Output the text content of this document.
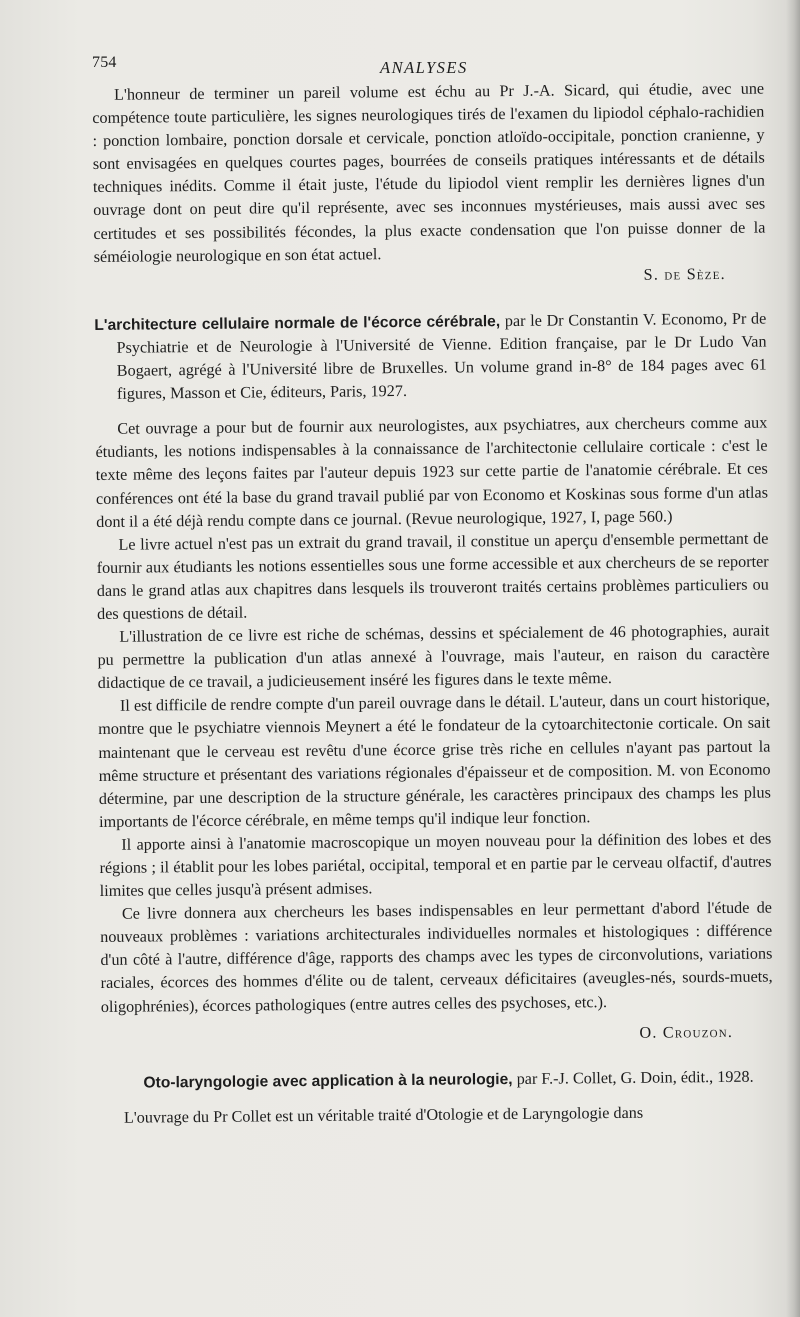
754	ANALYSES

L'honneur de terminer un pareil volume est échu au Pr J.-A. Sicard, qui étudie, avec une compétence toute particulière, les signes neurologiques tirés de l'examen du lipiodol céphalo-rachidien : ponction lombaire, ponction dorsale et cervicale, ponction atloïdo-occipitale, ponction cranienne, y sont envisagées en quelques courtes pages, bourrées de conseils pratiques intéressants et de détails techniques inédits. Comme il était juste, l'étude du lipiodol vient remplir les dernières lignes d'un ouvrage dont on peut dire qu'il représente, avec ses inconnues mystérieuses, mais aussi avec ses certitudes et ses possibilités fécondes, la plus exacte condensation que l'on puisse donner de la séméiologie neurologique en son état actuel.

S. de Sèze.

L'architecture cellulaire normale de l'écorce cérébrale, par le Dr Constantin V. Economo, Pr de Psychiatrie et de Neurologie à l'Université de Vienne. Edition française, par le Dr Ludo Van Bogaert, agrégé à l'Université libre de Bruxelles. Un volume grand in-8° de 184 pages avec 61 figures, Masson et Cie, éditeurs, Paris, 1927.

Cet ouvrage a pour but de fournir aux neurologistes, aux psychiatres, aux chercheurs comme aux étudiants, les notions indispensables à la connaissance de l'architectonie cellulaire corticale : c'est le texte même des leçons faites par l'auteur depuis 1923 sur cette partie de l'anatomie cérébrale. Et ces conférences ont été la base du grand travail publié par von Economo et Koskinas sous forme d'un atlas dont il a été déjà rendu compte dans ce journal. (Revue neurologique, 1927, I, page 560.)

Le livre actuel n'est pas un extrait du grand travail, il constitue un aperçu d'ensemble permettant de fournir aux étudiants les notions essentielles sous une forme accessible et aux chercheurs de se reporter dans le grand atlas aux chapitres dans lesquels ils trouveront traités certains problèmes particuliers ou des questions de détail.

L'illustration de ce livre est riche de schémas, dessins et spécialement de 46 photographies, aurait pu permettre la publication d'un atlas annexé à l'ouvrage, mais l'auteur, en raison du caractère didactique de ce travail, a judicieusement inséré les figures dans le texte même.

Il est difficile de rendre compte d'un pareil ouvrage dans le détail. L'auteur, dans un court historique, montre que le psychiatre viennois Meynert a été le fondateur de la cytoarchitectonie corticale. On sait maintenant que le cerveau est revêtu d'une écorce grise très riche en cellules n'ayant pas partout la même structure et présentant des variations régionales d'épaisseur et de composition. M. von Economo détermine, par une description de la structure générale, les caractères principaux des champs les plus importants de l'écorce cérébrale, en même temps qu'il indique leur fonction.

Il apporte ainsi à l'anatomie macroscopique un moyen nouveau pour la définition des lobes et des régions ; il établit pour les lobes pariétal, occipital, temporal et en partie par le cerveau olfactif, d'autres limites que celles jusqu'à présent admises.

Ce livre donnera aux chercheurs les bases indispensables en leur permettant d'abord l'étude de nouveaux problèmes : variations architecturales individuelles normales et histologiques : différence d'un côté à l'autre, différence d'âge, rapports des champs avec les types de circonvolutions, variations raciales, écorces des hommes d'élite ou de talent, cerveaux déficitaires (aveugles-nés, sourds-muets, oligophrénies), écorces pathologiques (entre autres celles des psychoses, etc.).

O. Crouzon.

Oto-laryngologie avec application à la neurologie, par F.-J. Collet, G. Doin, édit., 1928.

L'ouvrage du Pr Collet est un véritable traité d'Otologie et de Laryngologie dans
